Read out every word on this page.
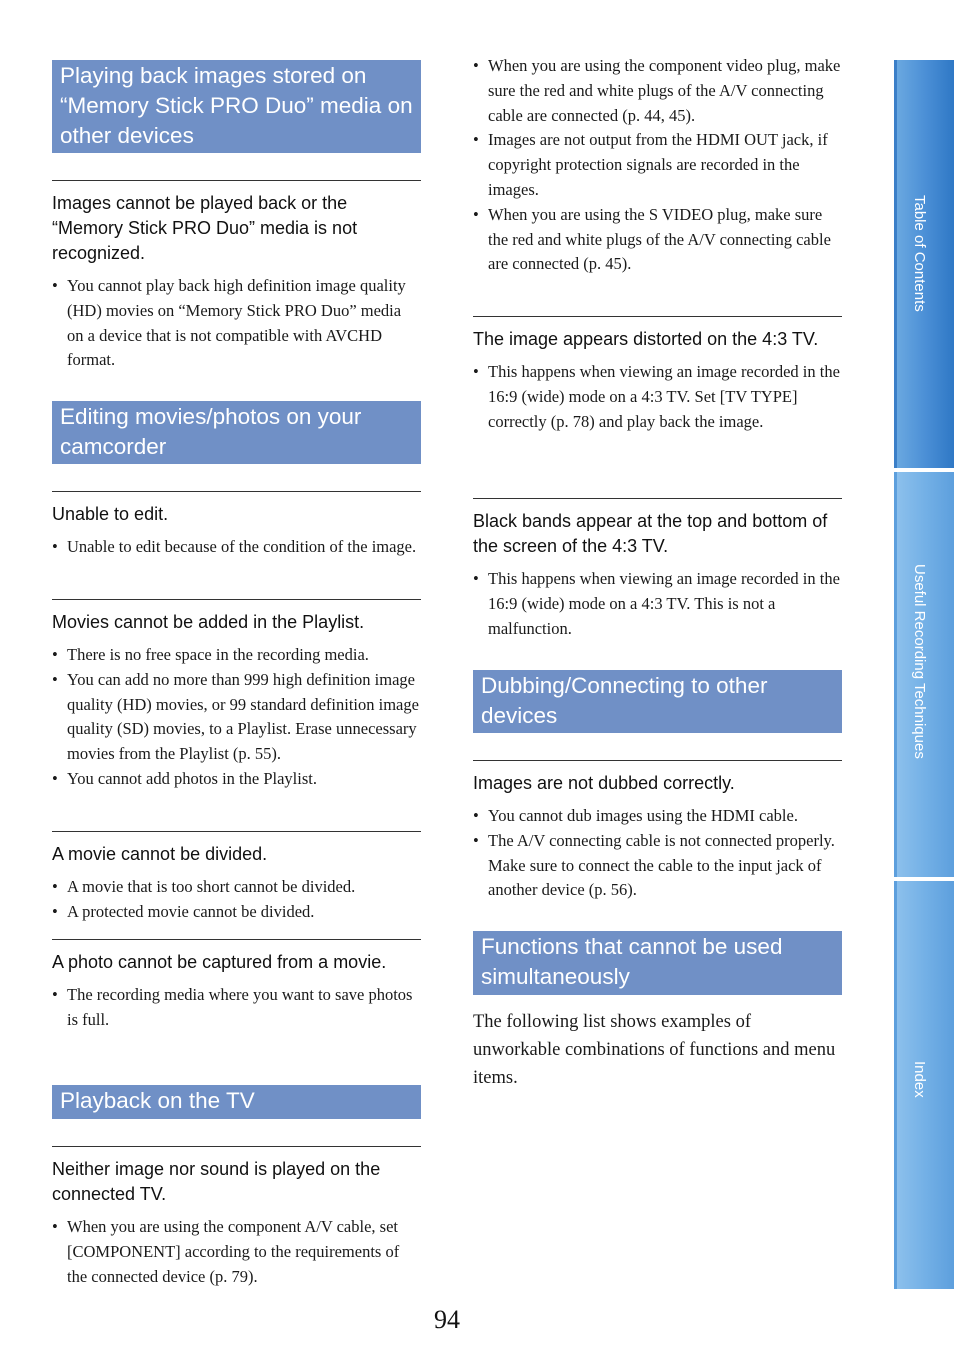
Playing back images stored on “Memory Stick PRO Duo” media on other devices
Images cannot be played back or the “Memory Stick PRO Duo” media is not recognized.
• You cannot play back high definition image quality (HD) movies on “Memory Stick PRO Duo” media on a device that is not compatible with AVCHD format.
Editing movies/photos on your camcorder
Unable to edit.
• Unable to edit because of the condition of the image.
Movies cannot be added in the Playlist.
• There is no free space in the recording media.
• You can add no more than 999 high definition image quality (HD) movies, or 99 standard definition image quality (SD) movies, to a Playlist. Erase unnecessary movies from the Playlist (p. 55).
• You cannot add photos in the Playlist.
A movie cannot be divided.
• A movie that is too short cannot be divided.
• A protected movie cannot be divided.
A photo cannot be captured from a movie.
• The recording media where you want to save photos is full.
Playback on the TV
Neither image nor sound is played on the connected TV.
• When you are using the component A/V cable, set [COMPONENT] according to the requirements of the connected device (p. 79).
• When you are using the component video plug, make sure the red and white plugs of the A/V connecting cable are connected (p. 44, 45).
• Images are not output from the HDMI OUT jack, if copyright protection signals are recorded in the images.
• When you are using the S VIDEO plug, make sure the red and white plugs of the A/V connecting cable are connected (p. 45).
The image appears distorted on the 4:3 TV.
• This happens when viewing an image recorded in the 16:9 (wide) mode on a 4:3 TV. Set [TV TYPE] correctly (p. 78) and play back the image.
Black bands appear at the top and bottom of the screen of the 4:3 TV.
• This happens when viewing an image recorded in the 16:9 (wide) mode on a 4:3 TV. This is not a malfunction.
Dubbing/Connecting to other devices
Images are not dubbed correctly.
• You cannot dub images using the HDMI cable.
• The A/V connecting cable is not connected properly. Make sure to connect the cable to the input jack of another device (p. 56).
Functions that cannot be used simultaneously
The following list shows examples of unworkable combinations of functions and menu items.
94
Table of Contents
Useful Recording Techniques
Index
